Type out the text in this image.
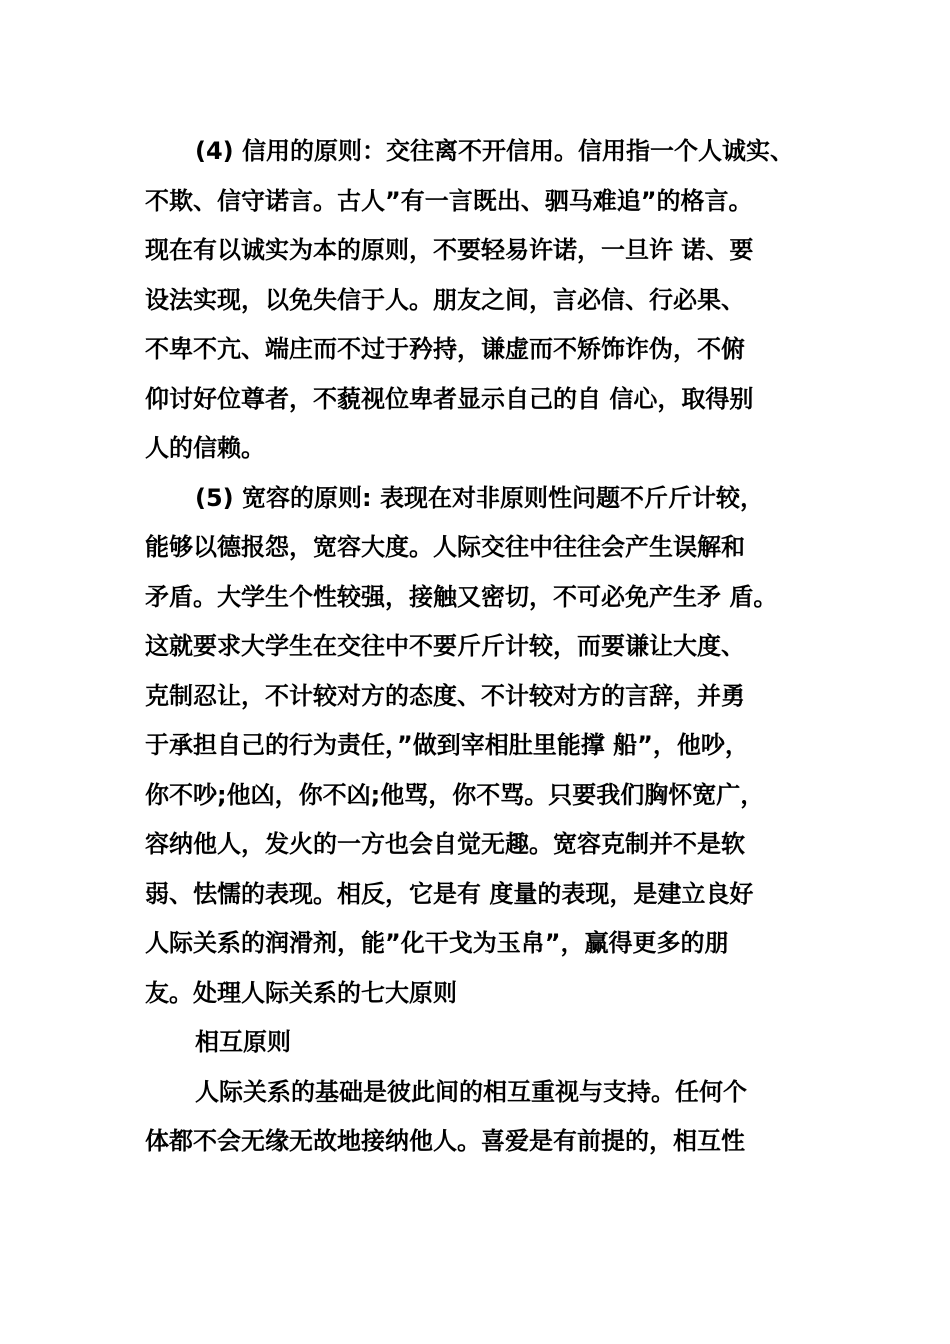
(4) 信用的原则：交往离不开信用。信用指一个人诚实、
不欺、信守诺言。古人”有一言既出、驷马难追”的格言。
现在有以诚实为本的原则，不要轻易许诺，一旦许 诺、要
设法实现，以免失信于人。朋友之间，言必信、行必果、
不卑不亢、端庄而不过于矜持，谦虚而不矫饰诈伪，不俯
仰讨好位尊者，不藐视位卑者显示自己的自 信心，取得别
人的信赖。
(5) 宽容的原则: 表现在对非原则性问题不斤斤计较，
能够以德报怨，宽容大度。人际交往中往往会产生误解和
矛盾。大学生个性较强，接触又密切，不可必免产生矛 盾。
这就要求大学生在交往中不要斤斤计较，而要谦让大度、
克制忍让，不计较对方的态度、不计较对方的言辞，并勇
于承担自己的行为责任，”做到宰相肚里能撑 船”，他吵，
你不吵;他凶，你不凶;他骂，你不骂。只要我们胸怀宽广，
容纳他人，发火的一方也会自觉无趣。宽容克制并不是软
弱、怯懦的表现。相反，它是有 度量的表现，是建立良好
人际关系的润滑剂，能”化干戈为玉帛”，赢得更多的朋
友。处理人际关系的七大原则
相互原则
人际关系的基础是彼此间的相互重视与支持。任何个
体都不会无缘无故地接纳他人。喜爱是有前提的，相互性
